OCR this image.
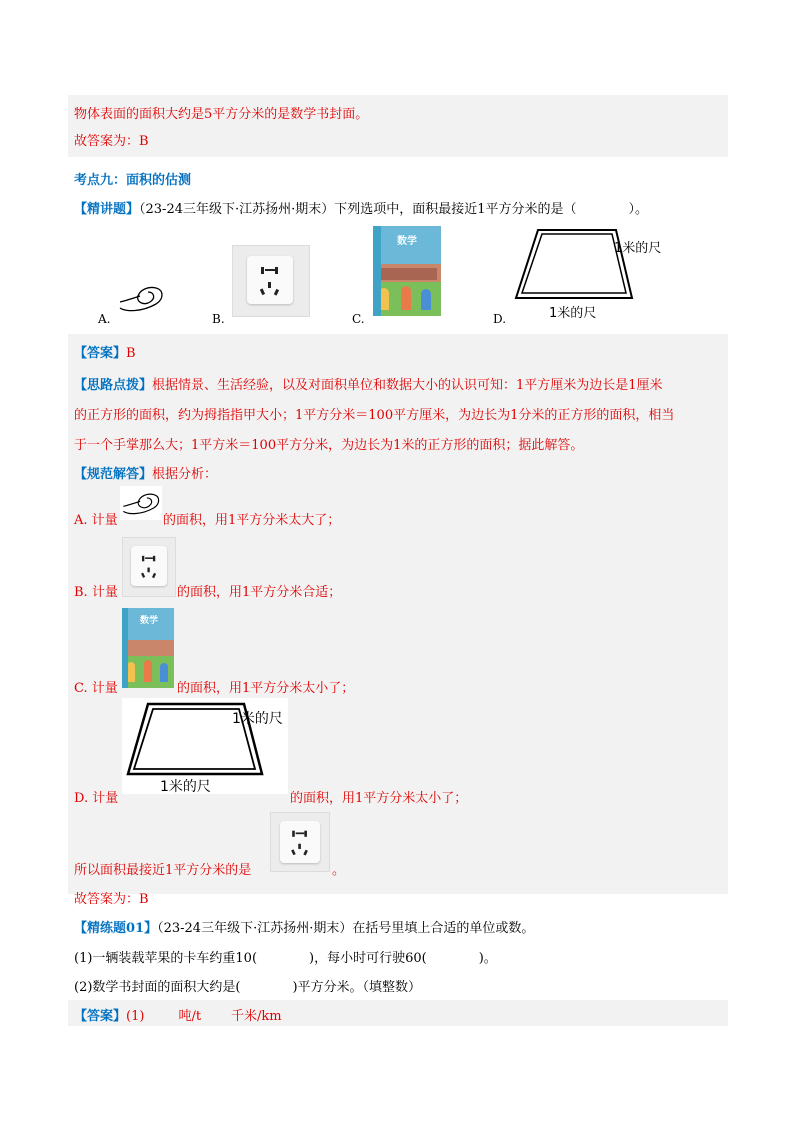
物体表面的面积大约是5平方分米的是数学书封面。
故答案为：B
考点九：面积的估测
【精讲题】（23-24三年级下·江苏扬州·期末）下列选项中，面积最接近1平方分米的是（　　　　）。
A.	B.	C.
数学
D.
1米的尺
1米的尺
【答案】B
【思路点拨】根据情景、生活经验，以及对面积单位和数据大小的认识可知：1平方厘米为边长是1厘米
的正方形的面积，约为拇指指甲大小；1平方分米＝100平方厘米，为边长为1分米的正方形的面积，相当
于一个手掌那么大；1平方米＝100平方分米，为边长为1米的正方形的面积；据此解答。
【规范解答】根据分析：
A. 计量	的面积，用1平方分米太大了；
B. 计量	的面积，用1平方分米合适；
C. 计量
数学
的面积，用1平方分米太小了；
D. 计量
1米的尺
1米的尺
的面积，用1平方分米太小了；
所以面积最接近1平方分米的是	。
故答案为：B
【精练题01】（23-24三年级下·江苏扬州·期末）在括号里填上合适的单位或数。
(1)一辆装载苹果的卡车约重10(　　　　)，每小时可行驶60(　　　　)。
(2)数学书封面的面积大约是(　　　　)平方分米。（填整数）
【答案】(1)	吨/t 千米/km
